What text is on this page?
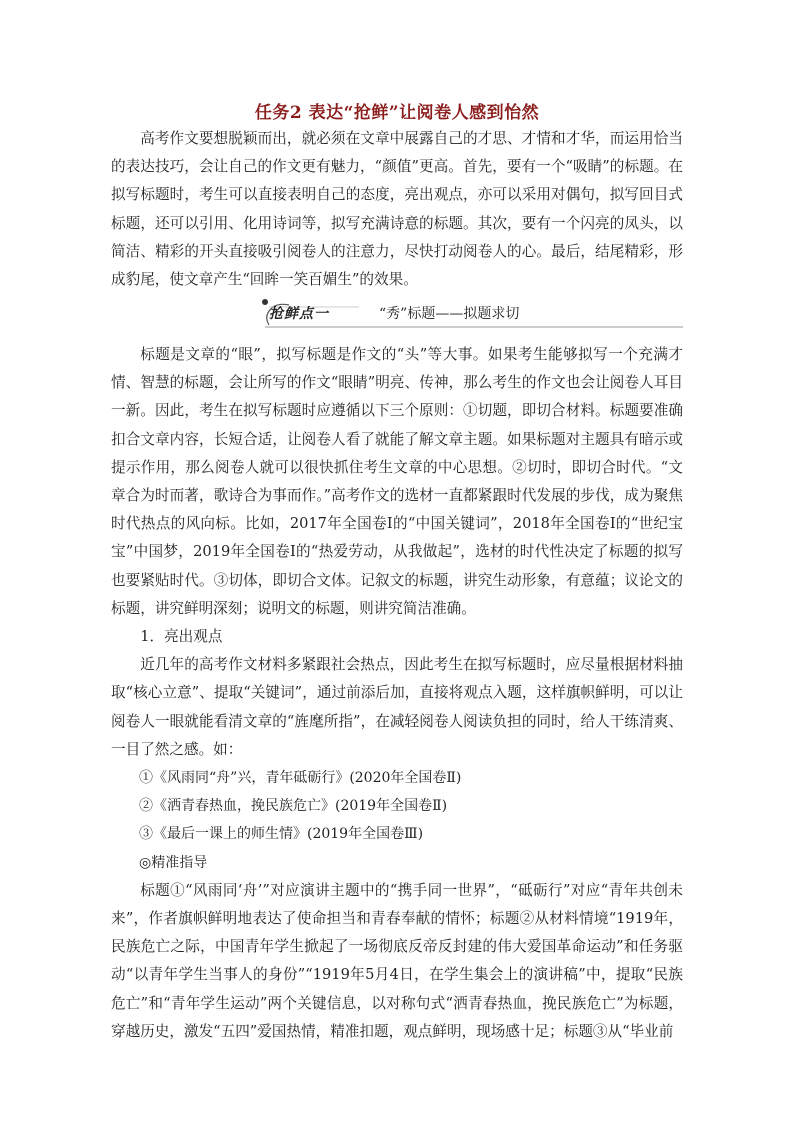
任务2 表达“抢鲜”让阅卷人感到怡然

高考作文要想脱颖而出，就必须在文章中展露自己的才思、才情和才华，而运用恰当的表达技巧，会让自己的作文更有魅力，“颜值”更高。首先，要有一个“吸睛”的标题。在拟写标题时，考生可以直接表明自己的态度，亮出观点，亦可以采用对偶句，拟写回目式标题，还可以引用、化用诗词等，拟写充满诗意的标题。其次，要有一个闪亮的凤头，以简洁、精彩的开头直接吸引阅卷人的注意力，尽快打动阅卷人的心。最后，结尾精彩，形成豹尾，使文章产生“回眸一笑百媚生”的效果。

抢鲜点一	“秀”标题——拟题求切

标题是文章的“眼”，拟写标题是作文的“头”等大事。如果考生能够拟写一个充满才情、智慧的标题，会让所写的作文“眼睛”明亮、传神，那么考生的作文也会让阅卷人耳目一新。因此，考生在拟写标题时应遵循以下三个原则：①切题，即切合材料。标题要准确扣合文章内容，长短合适，让阅卷人看了就能了解文章主题。如果标题对主题具有暗示或提示作用，那么阅卷人就可以很快抓住考生文章的中心思想。②切时，即切合时代。“文章合为时而著，歌诗合为事而作。”高考作文的选材一直都紧跟时代发展的步伐，成为聚焦时代热点的风向标。比如，2017年全国卷Ⅰ的“中国关键词”，2018年全国卷Ⅰ的“世纪宝宝”中国梦，2019年全国卷Ⅰ的“热爱劳动，从我做起”，选材的时代性决定了标题的拟写也要紧贴时代。③切体，即切合文体。记叙文的标题，讲究生动形象，有意蕴；议论文的标题，讲究鲜明深刻；说明文的标题，则讲究简洁准确。

1．亮出观点

近几年的高考作文材料多紧跟社会热点，因此考生在拟写标题时，应尽量根据材料抽取“核心立意”、提取“关键词”，通过前添后加，直接将观点入题，这样旗帜鲜明，可以让阅卷人一眼就能看清文章的“旌麾所指”，在减轻阅卷人阅读负担的同时，给人干练清爽、一目了然之感。如：

①《风雨同“舟”兴，青年砥砺行》(2020年全国卷Ⅱ)
②《洒青春热血，挽民族危亡》(2019年全国卷Ⅱ)
③《最后一课上的师生情》(2019年全国卷Ⅲ)
◎精准指导

标题①“风雨同‘舟’”对应演讲主题中的“携手同一世界”，“砥砺行”对应“青年共创未来”，作者旗帜鲜明地表达了使命担当和青春奉献的情怀；标题②从材料情境“1919年，民族危亡之际，中国青年学生掀起了一场彻底反帝反封建的伟大爱国革命运动”和任务驱动“以青年学生当事人的身份”“1919年5月4日，在学生集会上的演讲稿”中，提取“民族危亡”和“青年学生运动”两个关键信息，以对称句式“洒青春热血，挽民族危亡”为标题，穿越历史，激发“五四”爱国热情，精准扣题，观点鲜明，现场感十足；标题③从“毕业前
